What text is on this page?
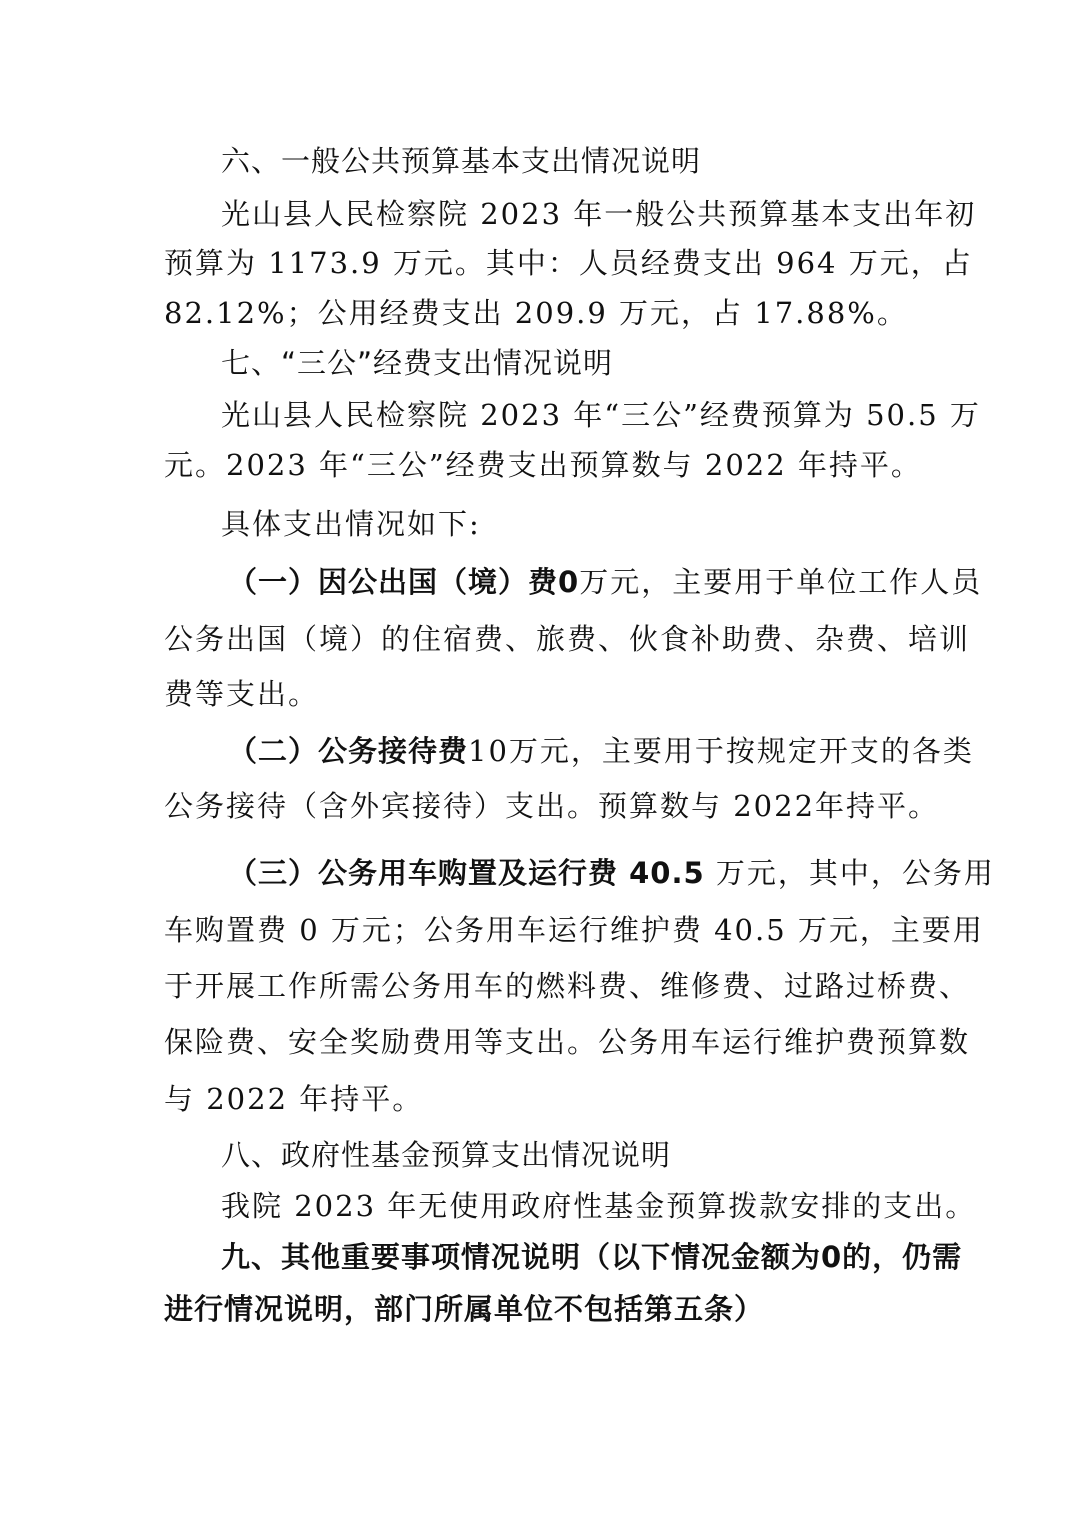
六、一般公共预算基本支出情况说明
光山县人民检察院 2023 年一般公共预算基本支出年初
预算为 1173.9 万元。其中：人员经费支出 964 万元，占
82.12%；公用经费支出 209.9 万元，占 17.88%。
七、“三公”经费支出情况说明
光山县人民检察院 2023 年“三公”经费预算为 50.5 万
元。2023 年“三公”经费支出预算数与 2022 年持平。
具体支出情况如下:
（一）因公出国（境）费0万元，主要用于单位工作人员
公务出国（境）的住宿费、旅费、伙食补助费、杂费、培训
费等支出。
（二）公务接待费10万元，主要用于按规定开支的各类
公务接待（含外宾接待）支出。预算数与 2022年持平。
（三）公务用车购置及运行费 40.5 万元，其中，公务用
车购置费 0 万元；公务用车运行维护费 40.5 万元，主要用
于开展工作所需公务用车的燃料费、维修费、过路过桥费、
保险费、安全奖励费用等支出。公务用车运行维护费预算数
与 2022 年持平。
八、政府性基金预算支出情况说明
我院 2023 年无使用政府性基金预算拨款安排的支出。
九、其他重要事项情况说明（以下情况金额为0的，仍需
进行情况说明，部门所属单位不包括第五条）
